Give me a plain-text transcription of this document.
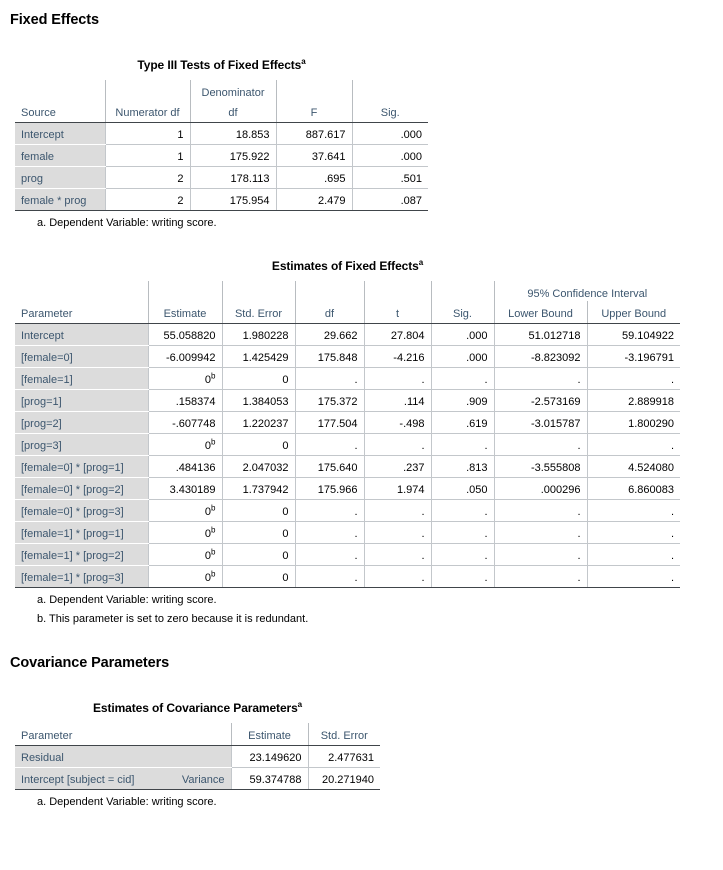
Fixed Effects
Type III Tests of Fixed Effects$^a$
		Denominator		
Source	Numerator df	df	F	Sig.
Intercept	1	18.853	887.617	.000
female	1	175.922	37.641	.000
prog	2	178.113	.695	.501
female * prog	2	175.954	2.479	.087
a. Dependent Variable: writing score.
Estimates of Fixed Effects$^a$
						95% Confidence Interval	
Parameter	Estimate	Std. Error	df	t	Sig.	Lower Bound	Upper Bound
Intercept	55.058820	1.980228	29.662	27.804	.000	51.012718	59.104922
[female=0]	-6.009942	1.425429	175.848	-4.216	.000	-8.823092	-3.196791
[female=1]	0$^b$	0	.	.	.	.	.
[prog=1]	.158374	1.384053	175.372	.114	.909	-2.573169	2.889918
[prog=2]	-.607748	1.220237	177.504	-.498	.619	-3.015787	1.800290
[prog=3]	0$^b$	0	.	.	.	.	.
[female=0] * [prog=1]	.484136	2.047032	175.640	.237	.813	-3.555808	4.524080
[female=0] * [prog=2]	3.430189	1.737942	175.966	1.974	.050	.000296	6.860083
[female=0] * [prog=3]	0$^b$	0	.	.	.	.	.
[female=1] * [prog=1]	0$^b$	0	.	.	.	.	.
[female=1] * [prog=2]	0$^b$	0	.	.	.	.	.
[female=1] * [prog=3]	0$^b$	0	.	.	.	.	.
a. Dependent Variable: writing score.
b. This parameter is set to zero because it is redundant.
Covariance Parameters
Estimates of Covariance Parameters$^a$
Parameter		Estimate	Std. Error
Residual		23.149620	2.477631
Intercept [subject = cid]	Variance	59.374788	20.271940
a. Dependent Variable: writing score.
